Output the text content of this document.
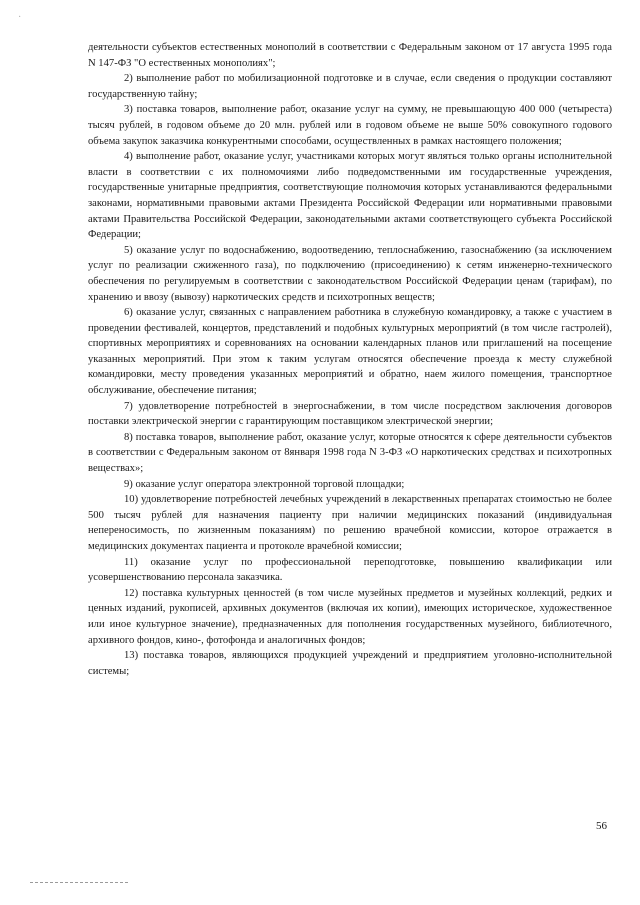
·

деятельности субъектов естественных монополий в соответствии с Федеральным законом от 17 августа 1995 года N 147-ФЗ "О естественных монополиях";

2) выполнение работ по мобилизационной подготовке и в случае, если сведения о продукции составляют государственную тайну;

3) поставка товаров, выполнение работ, оказание услуг на сумму, не превышающую 400 000 (четыреста) тысяч рублей, в годовом объеме до 20 млн. рублей или в годовом объеме не выше 50% совокупного годового объема закупок заказчика конкурентными способами, осуществленных в рамках настоящего положения;

4) выполнение работ, оказание услуг, участниками которых могут являться только органы исполнительной власти в соответствии с их полномочиями либо подведомственными им государственные учреждения, государственные унитарные предприятия, соответствующие полномочия которых устанавливаются федеральными законами, нормативными правовыми актами Президента Российской Федерации или нормативными правовыми актами Правительства Российской Федерации, законодательными актами соответствующего субъекта Российской Федерации;

5) оказание услуг по водоснабжению, водоотведению, теплоснабжению, газоснабжению (за исключением услуг по реализации сжиженного газа), по подключению (присоединению) к сетям инженерно-технического обеспечения по регулируемым в соответствии с законодательством Российской Федерации ценам (тарифам), по хранению и ввозу (вывозу) наркотических средств и психотропных веществ;

6) оказание услуг, связанных с направлением работника в служебную командировку, а также с участием в проведении фестивалей, концертов, представлений и подобных культурных мероприятий (в том числе гастролей), спортивных мероприятиях и соревнованиях на основании календарных планов или приглашений на посещение указанных мероприятий. При этом к таким услугам относятся обеспечение проезда к месту служебной командировки, месту проведения указанных мероприятий и обратно, наем жилого помещения, транспортное обслуживание, обеспечение питания;

7) удовлетворение потребностей в энергоснабжении, в том числе посредством заключения договоров поставки электрической энергии с гарантирующим поставщиком электрической энергии;

8) поставка товаров, выполнение работ, оказание услуг, которые относятся к сфере деятельности субъектов в соответствии с Федеральным законом от 8января 1998 года N 3-ФЗ «О наркотических средствах и психотропных веществах»;

9) оказание услуг оператора электронной торговой площадки;

10) удовлетворение потребностей лечебных учреждений в лекарственных препаратах стоимостью не более 500 тысяч рублей для назначения пациенту при наличии медицинских показаний (индивидуальная непереносимость, по жизненным показаниям) по решению врачебной комиссии, которое отражается в медицинских документах пациента и протоколе врачебной комиссии;

11) оказание услуг по профессиональной переподготовке, повышению квалификации или усовершенствованию персонала заказчика.

12) поставка культурных ценностей (в том числе музейных предметов и музейных коллекций, редких и ценных изданий, рукописей, архивных документов (включая их копии), имеющих историческое, художественное или иное культурное значение), предназначенных для пополнения государственных музейного, библиотечного, архивного фондов, кино-, фотофонда и аналогичных фондов;

13) поставка товаров, являющихся продукцией учреждений и предприятием уголовно-исполнительной системы;

56
